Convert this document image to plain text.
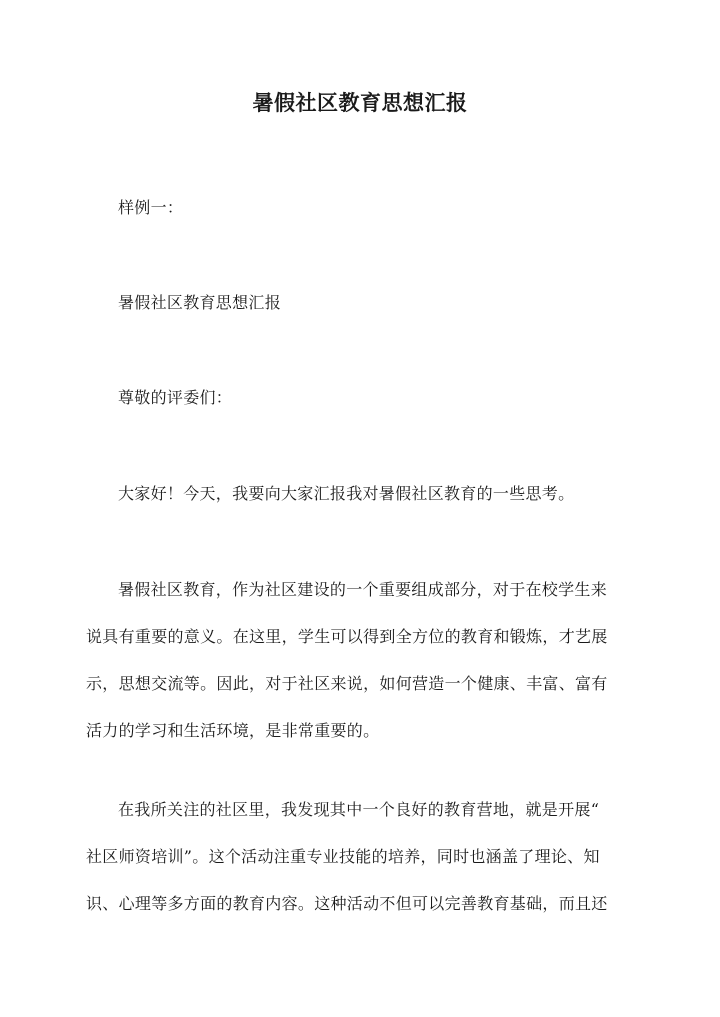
暑假社区教育思想汇报

样例一：

暑假社区教育思想汇报

尊敬的评委们：

大家好！今天，我要向大家汇报我对暑假社区教育的一些思考。

暑假社区教育，作为社区建设的一个重要组成部分，对于在校学生来
说具有重要的意义。在这里，学生可以得到全方位的教育和锻炼，才艺展
示，思想交流等。因此，对于社区来说，如何营造一个健康、丰富、富有
活力的学习和生活环境，是非常重要的。

在我所关注的社区里，我发现其中一个良好的教育营地，就是开展“
社区师资培训”。这个活动注重专业技能的培养，同时也涵盖了理论、知
识、心理等多方面的教育内容。这种活动不但可以完善教育基础，而且还
